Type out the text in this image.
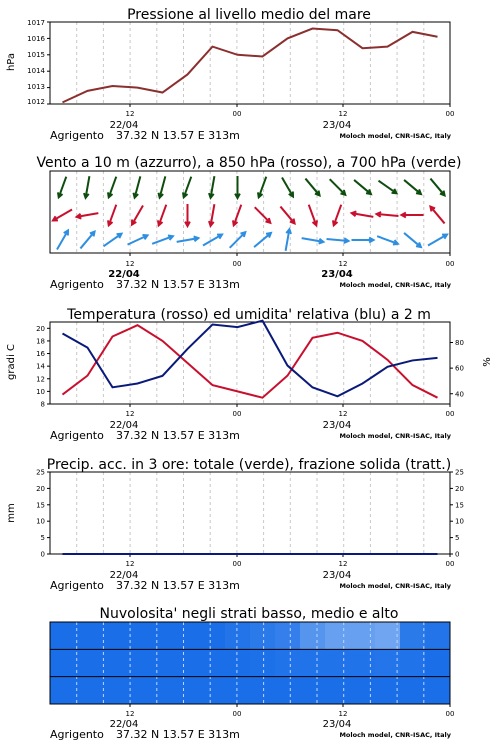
Pressione al livello medio del mare
hPa
1017
1016
1015
1014
1013
1012
12	00	12	00
22/04	23/04
Agrigento 37.32 N 13.57 E 313m	Moloch model, CNR-ISAC, Italy
Vento a 10 m (azzurro), a 850 hPa (rosso), a 700 hPa (verde)
12	00	12	00
22/04	23/04
Agrigento 37.32 N 13.57 E 313m	Moloch model, CNR-ISAC, Italy
Temperatura (rosso) ed umidita' relativa (blu) a 2 m
gradi C	%
12	00	12	00
22/04	23/04
Agrigento 37.32 N 13.57 E 313m	Moloch model, CNR-ISAC, Italy
Precip. acc. in 3 ore: totale (verde), frazione solida (tratt.)
mm
12	00	12	00
22/04	23/04
Agrigento 37.32 N 13.57 E 313m	Moloch model, CNR-ISAC, Italy
Nuvolosita' negli strati basso, medio e alto
12	00	12	00
22/04	23/04
Agrigento 37.32 N 13.57 E 313m	Moloch model, CNR-ISAC, Italy
8
10
12
14
16
18
20
40
60
80
0	0
5	5
10	10
15	15
20	20
25	25
